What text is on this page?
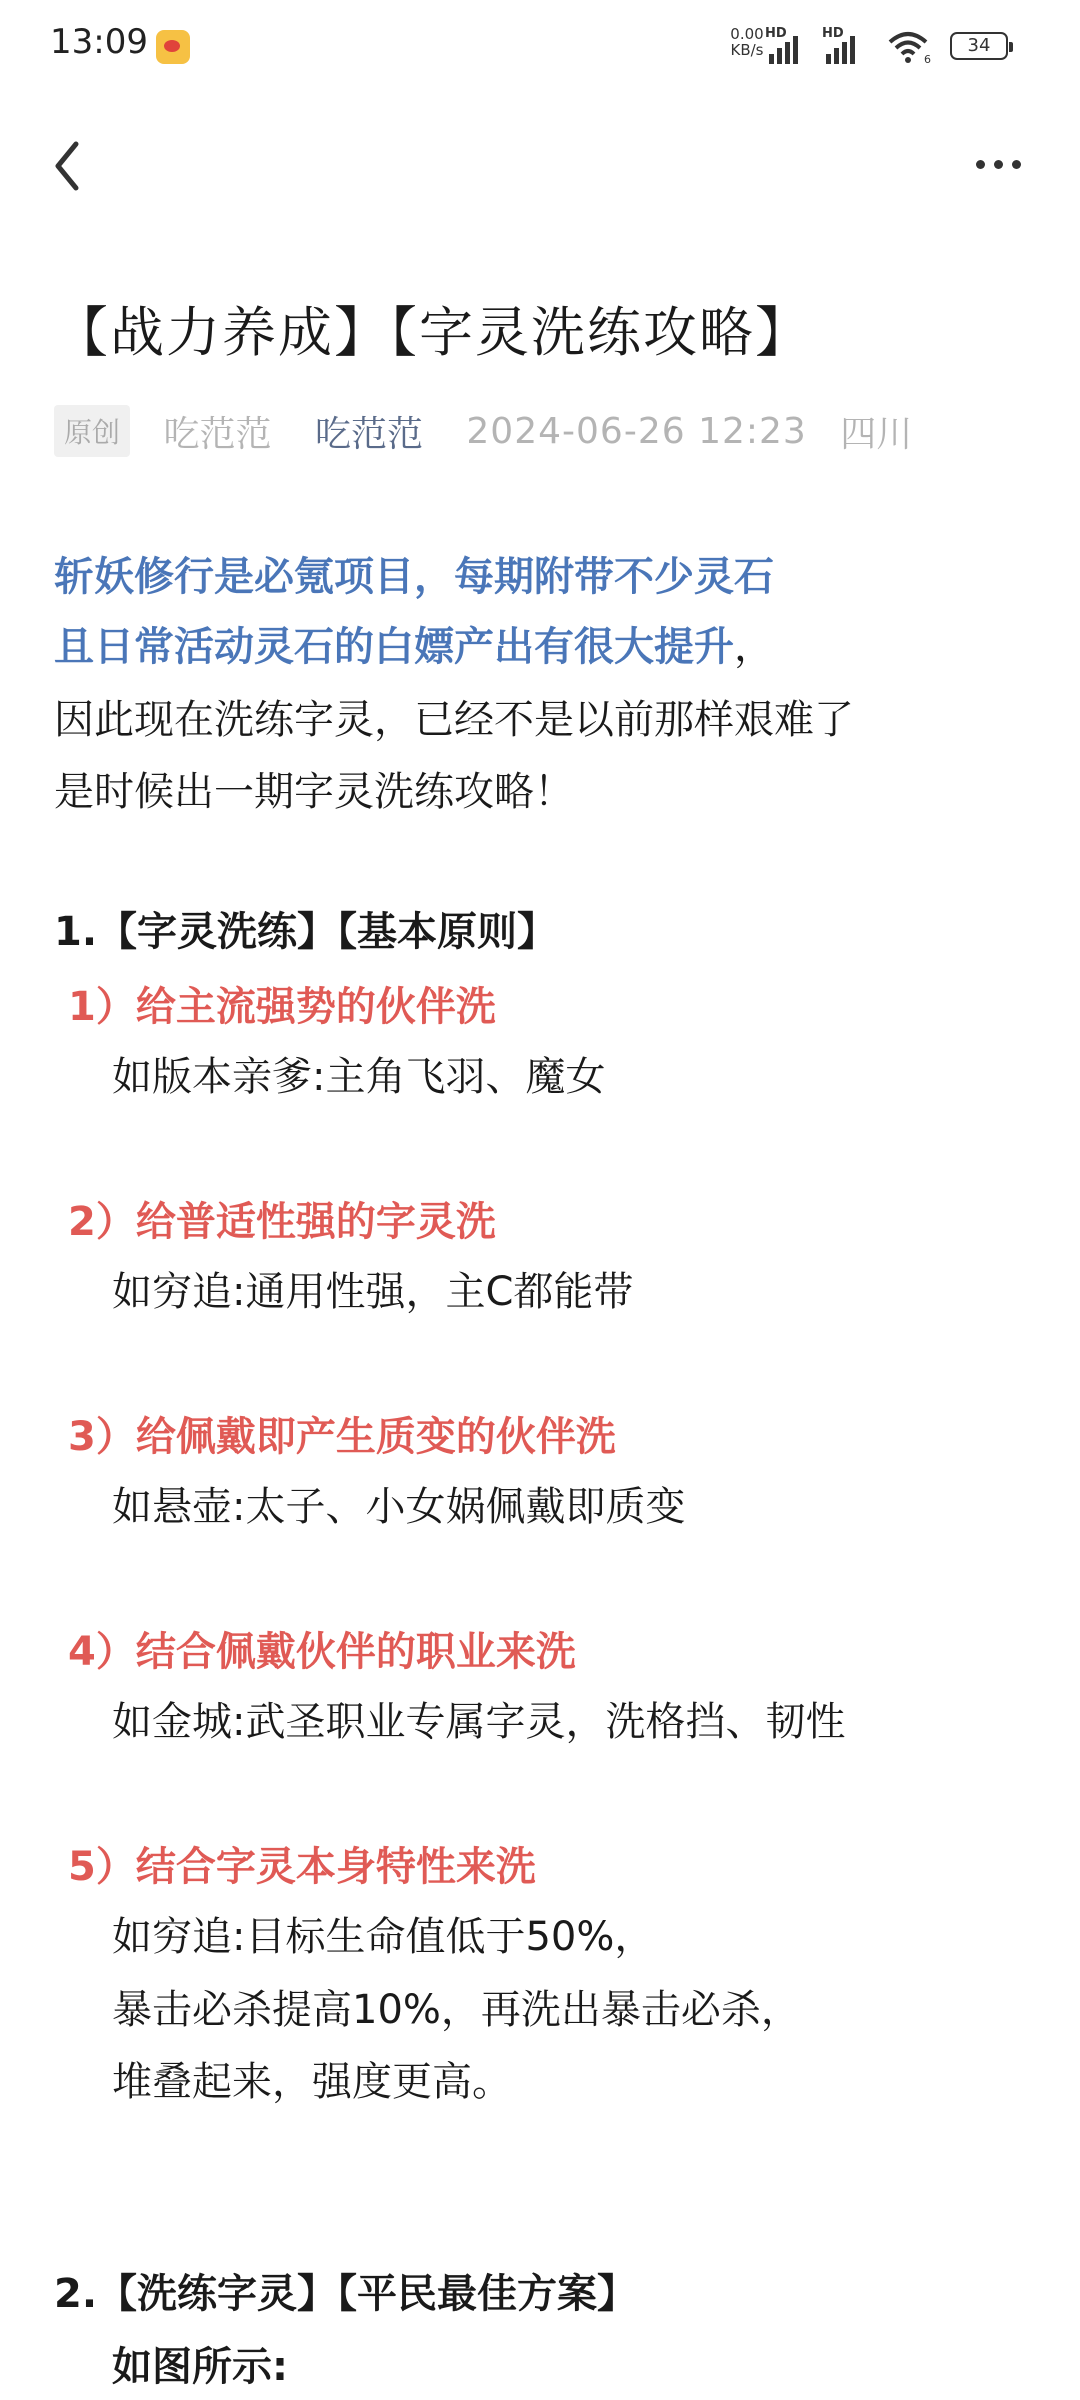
13:09	0.00
KB/s
HD	HD
6
34
【战力养成】【字灵洗练攻略】
原创 吃范范 吃范范 2024-06-26 12:23 四川
斩妖修行是必氪项目，每期附带不少灵石
且日常活动灵石的白嫖产出有很大提升，
因此现在洗练字灵，已经不是以前那样艰难了
是时候出一期字灵洗练攻略！
1.【字灵洗练】【基本原则】
1）给主流强势的伙伴洗
如版本亲爹:主角飞羽、魔女
2）给普适性强的字灵洗
如穷追:通用性强，主C都能带
3）给佩戴即产生质变的伙伴洗
如悬壶:太子、小女娲佩戴即质变
4）结合佩戴伙伴的职业来洗
如金城:武圣职业专属字灵，洗格挡、韧性
5）结合字灵本身特性来洗
如穷追:目标生命值低于50%，
暴击必杀提高10%，再洗出暴击必杀，
堆叠起来，强度更高。
2.【洗练字灵】【平民最佳方案】
如图所示:
